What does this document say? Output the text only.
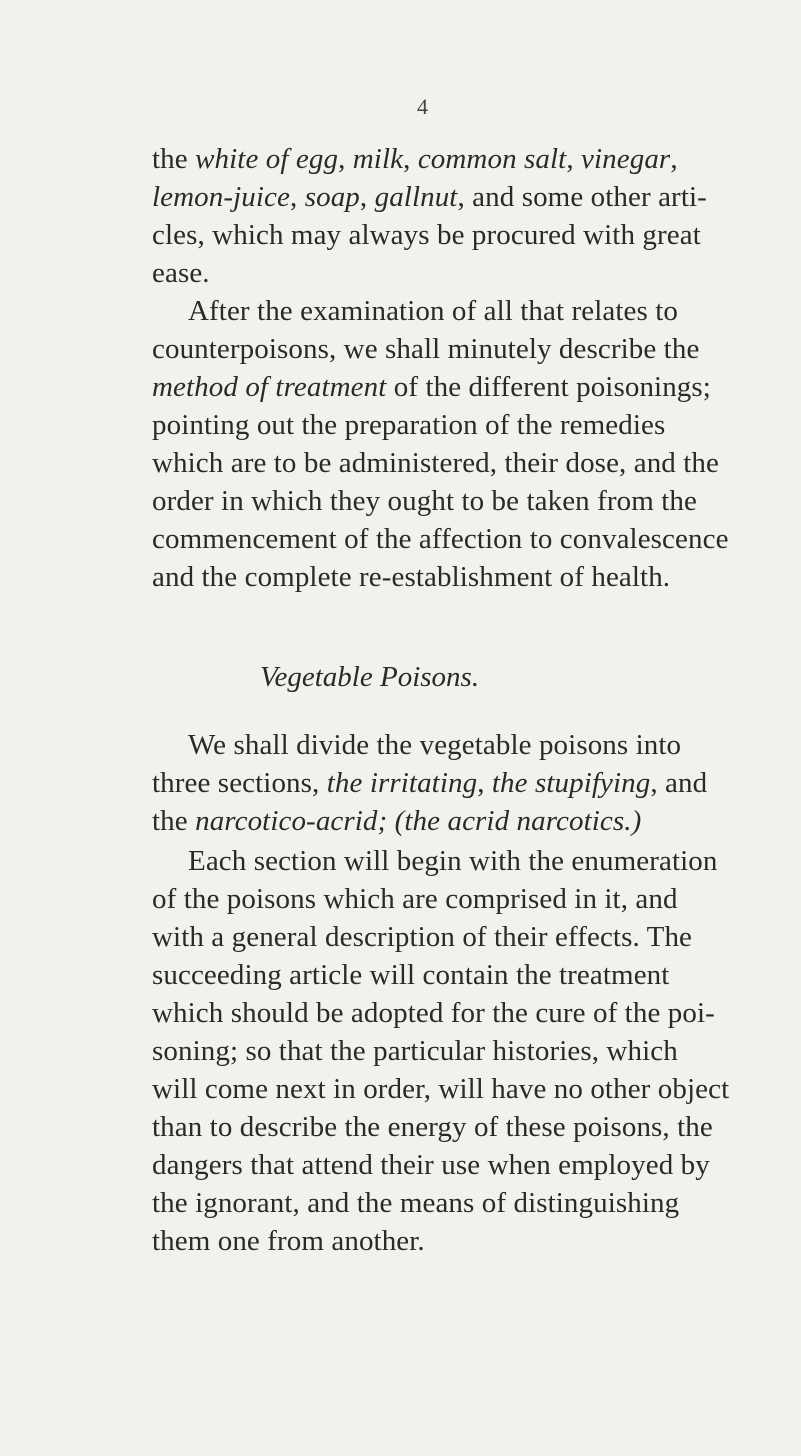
4
the white of egg, milk, common salt, vinegar,
lemon-juice, soap, gallnut, and some other arti-
cles, which may always be procured with great
ease.
After the examination of all that relates to
counterpoisons, we shall minutely describe the
method of treatment of the different poisonings;
pointing out the preparation of the remedies
which are to be administered, their dose, and the
order in which they ought to be taken from the
commencement of the affection to convalescence
and the complete re-establishment of health.
Vegetable Poisons.
We shall divide the vegetable poisons into
three sections, the irritating, the stupifying, and
the narcotico-acrid; (the acrid narcotics.)
Each section will begin with the enumeration
of the poisons which are comprised in it, and
with a general description of their effects. The
succeeding article will contain the treatment
which should be adopted for the cure of the poi-
soning; so that the particular histories, which
will come next in order, will have no other object
than to describe the energy of these poisons, the
dangers that attend their use when employed by
the ignorant, and the means of distinguishing
them one from another.
